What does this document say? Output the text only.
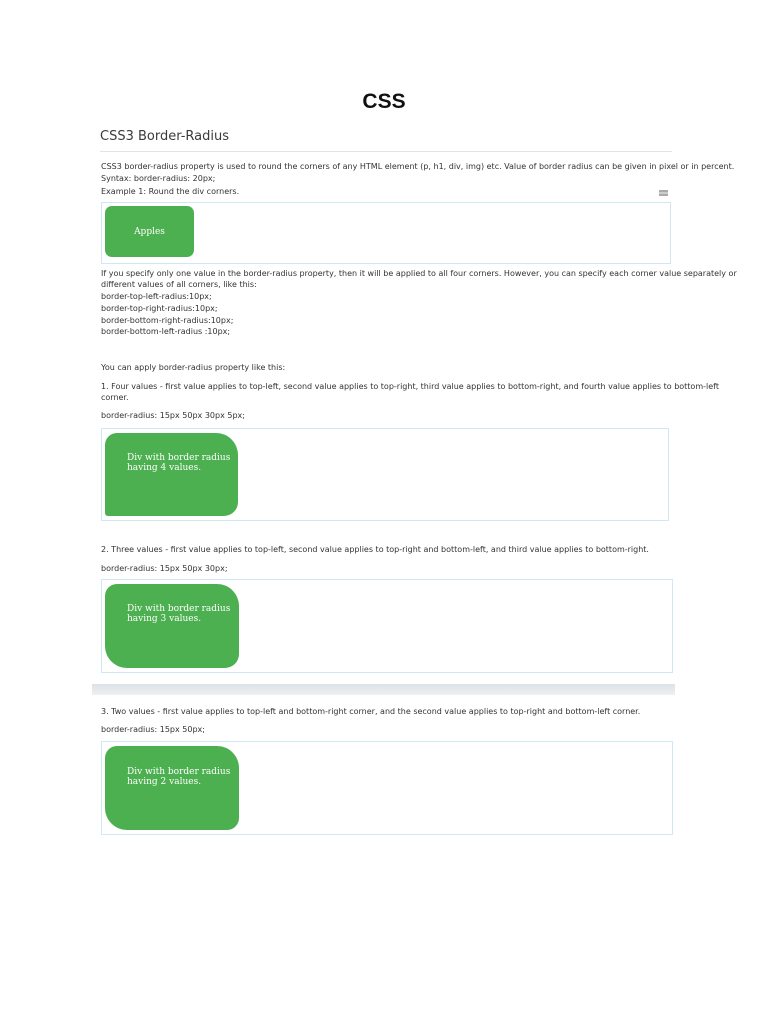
CSS
CSS3 Border-Radius

CSS3 border-radius property is used to round the corners of any HTML element (p, h1, div, img) etc. Value of border radius can be given in pixel or in percent.

Syntax: border-radius: 20px;

Example 1: Round the div corners.

Apples

If you specify only one value in the border-radius property, then it will be applied to all four corners. However, you can specify each corner value separately or

different values of all corners, like this:

border-top-left-radius:10px;

border-top-right-radius:10px;

border-bottom-right-radius:10px;

border-bottom-left-radius :10px;

You can apply border-radius property like this:

1. Four values - first value applies to top-left, second value applies to top-right, third value applies to bottom-right, and fourth value applies to bottom-left

corner.

border-radius: 15px 50px 30px 5px;

Div with border radius
having 4 values.

2. Three values - first value applies to top-left, second value applies to top-right and bottom-left, and third value applies to bottom-right.

border-radius: 15px 50px 30px;

Div with border radius
having 3 values.

3. Two values - first value applies to top-left and bottom-right corner, and the second value applies to top-right and bottom-left corner.

border-radius: 15px 50px;

Div with border radius
having 2 values.
